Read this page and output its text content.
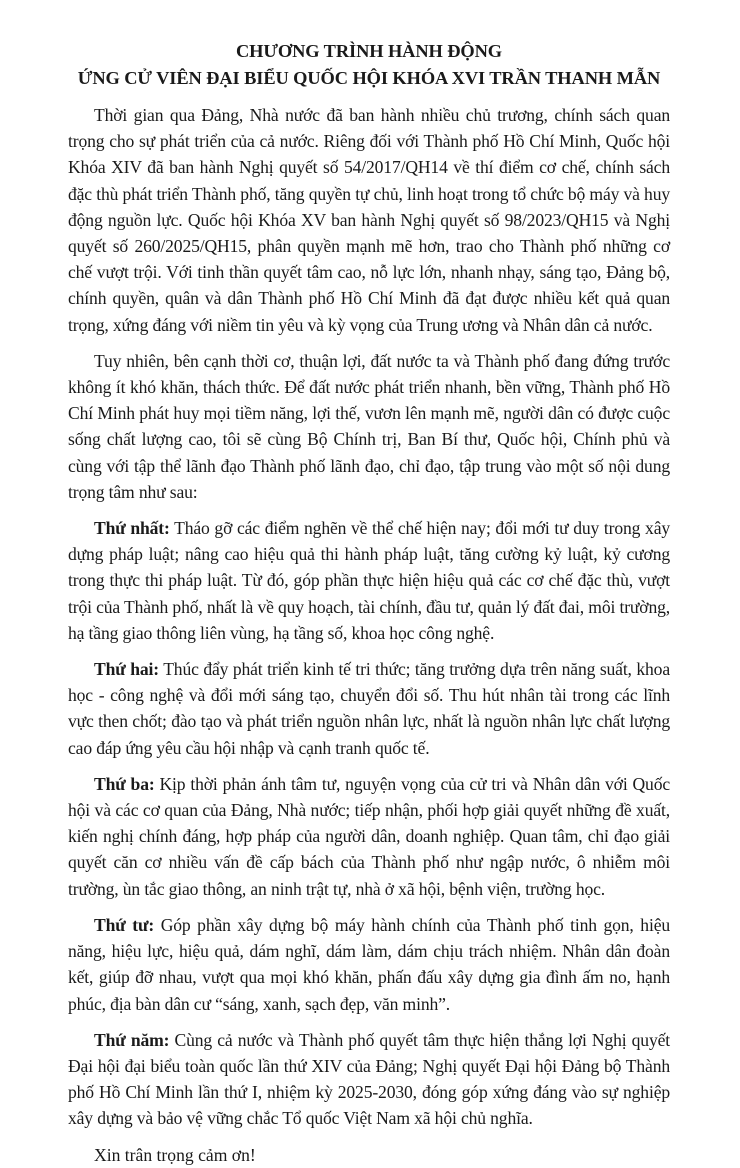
CHƯƠNG TRÌNH HÀNH ĐỘNG
ỨNG CỬ VIÊN ĐẠI BIỂU QUỐC HỘI KHÓA XVI TRẦN THANH MẪN

Thời gian qua Đảng, Nhà nước đã ban hành nhiều chủ trương, chính sách quan trọng cho sự phát triển của cả nước. Riêng đối với Thành phố Hồ Chí Minh, Quốc hội Khóa XIV đã ban hành Nghị quyết số 54/2017/QH14 về thí điểm cơ chế, chính sách đặc thù phát triển Thành phố, tăng quyền tự chủ, linh hoạt trong tổ chức bộ máy và huy động nguồn lực. Quốc hội Khóa XV ban hành Nghị quyết số 98/2023/QH15 và Nghị quyết số 260/2025/QH15, phân quyền mạnh mẽ hơn, trao cho Thành phố những cơ chế vượt trội. Với tinh thần quyết tâm cao, nỗ lực lớn, nhanh nhạy, sáng tạo, Đảng bộ, chính quyền, quân và dân Thành phố Hồ Chí Minh đã đạt được nhiều kết quả quan trọng, xứng đáng với niềm tin yêu và kỳ vọng của Trung ương và Nhân dân cả nước.

Tuy nhiên, bên cạnh thời cơ, thuận lợi, đất nước ta và Thành phố đang đứng trước không ít khó khăn, thách thức. Để đất nước phát triển nhanh, bền vững, Thành phố Hồ Chí Minh phát huy mọi tiềm năng, lợi thế, vươn lên mạnh mẽ, người dân có được cuộc sống chất lượng cao, tôi sẽ cùng Bộ Chính trị, Ban Bí thư, Quốc hội, Chính phủ và cùng với tập thể lãnh đạo Thành phố lãnh đạo, chỉ đạo, tập trung vào một số nội dung trọng tâm như sau:

Thứ nhất: Tháo gỡ các điểm nghẽn về thể chế hiện nay; đổi mới tư duy trong xây dựng pháp luật; nâng cao hiệu quả thi hành pháp luật, tăng cường kỷ luật, kỷ cương trong thực thi pháp luật. Từ đó, góp phần thực hiện hiệu quả các cơ chế đặc thù, vượt trội của Thành phố, nhất là về quy hoạch, tài chính, đầu tư, quản lý đất đai, môi trường, hạ tầng giao thông liên vùng, hạ tầng số, khoa học công nghệ.

Thứ hai: Thúc đẩy phát triển kinh tế tri thức; tăng trưởng dựa trên năng suất, khoa học - công nghệ và đổi mới sáng tạo, chuyển đổi số. Thu hút nhân tài trong các lĩnh vực then chốt; đào tạo và phát triển nguồn nhân lực, nhất là nguồn nhân lực chất lượng cao đáp ứng yêu cầu hội nhập và cạnh tranh quốc tế.

Thứ ba: Kịp thời phản ánh tâm tư, nguyện vọng của cử tri và Nhân dân với Quốc hội và các cơ quan của Đảng, Nhà nước; tiếp nhận, phối hợp giải quyết những đề xuất, kiến nghị chính đáng, hợp pháp của người dân, doanh nghiệp. Quan tâm, chỉ đạo giải quyết căn cơ nhiều vấn đề cấp bách của Thành phố như ngập nước, ô nhiễm môi trường, ùn tắc giao thông, an ninh trật tự, nhà ở xã hội, bệnh viện, trường học.

Thứ tư: Góp phần xây dựng bộ máy hành chính của Thành phố tinh gọn, hiệu năng, hiệu lực, hiệu quả, dám nghĩ, dám làm, dám chịu trách nhiệm. Nhân dân đoàn kết, giúp đỡ nhau, vượt qua mọi khó khăn, phấn đấu xây dựng gia đình ấm no, hạnh phúc, địa bàn dân cư “sáng, xanh, sạch đẹp, văn minh”.

Thứ năm: Cùng cả nước và Thành phố quyết tâm thực hiện thắng lợi Nghị quyết Đại hội đại biểu toàn quốc lần thứ XIV của Đảng; Nghị quyết Đại hội Đảng bộ Thành phố Hồ Chí Minh lần thứ I, nhiệm kỳ 2025-2030, đóng góp xứng đáng vào sự nghiệp xây dựng và bảo vệ vững chắc Tổ quốc Việt Nam xã hội chủ nghĩa.

Xin trân trọng cảm ơn!
